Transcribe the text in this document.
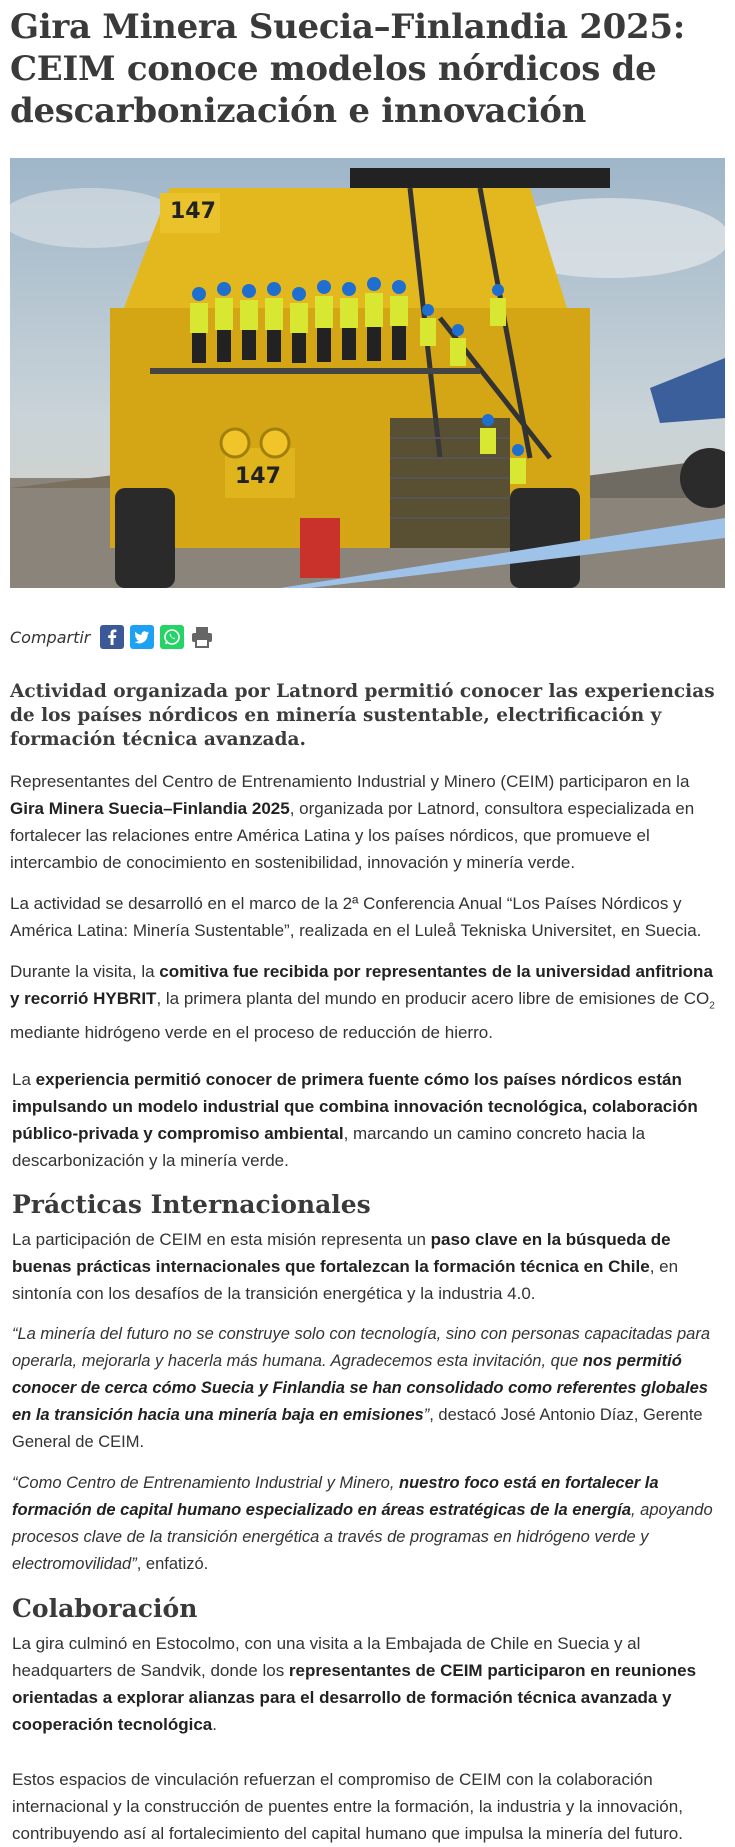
Gira Minera Suecia–Finlandia 2025: CEIM conoce modelos nórdicos de descarbonización e innovación
147
147
Compartir
Actividad organizada por Latnord permitió conocer las experiencias de los países nórdicos en minería sustentable, electrificación y formación técnica avanzada.

Representantes del Centro de Entrenamiento Industrial y Minero (CEIM) participaron en la Gira Minera Suecia–Finlandia 2025, organizada por Latnord, consultora especializada en fortalecer las relaciones entre América Latina y los países nórdicos, que promueve el intercambio de conocimiento en sostenibilidad, innovación y minería verde.

La actividad se desarrolló en el marco de la 2ª Conferencia Anual “Los Países Nórdicos y América Latina: Minería Sustentable”, realizada en el Luleå Tekniska Universitet, en Suecia.

Durante la visita, la comitiva fue recibida por representantes de la universidad anfitriona y recorrió HYBRIT, la primera planta del mundo en producir acero libre de emisiones de $CO_2$ mediante hidrógeno verde en el proceso de reducción de hierro.

La experiencia permitió conocer de primera fuente cómo los países nórdicos están impulsando un modelo industrial que combina innovación tecnológica, colaboración público-privada y compromiso ambiental, marcando un camino concreto hacia la descarbonización y la minería verde.

Prácticas Internacionales

La participación de CEIM en esta misión representa un paso clave en la búsqueda de buenas prácticas internacionales que fortalezcan la formación técnica en Chile, en sintonía con los desafíos de la transición energética y la industria 4.0.

“La minería del futuro no se construye solo con tecnología, sino con personas capacitadas para operarla, mejorarla y hacerla más humana. Agradecemos esta invitación, que nos permitió conocer de cerca cómo Suecia y Finlandia se han consolidado como referentes globales en la transición hacia una minería baja en emisiones”, destacó José Antonio Díaz, Gerente General de CEIM.

“Como Centro de Entrenamiento Industrial y Minero, nuestro foco está en fortalecer la formación de capital humano especializado en áreas estratégicas de la energía, apoyando procesos clave de la transición energética a través de programas en hidrógeno verde y electromovilidad”, enfatizó.

Colaboración

La gira culminó en Estocolmo, con una visita a la Embajada de Chile en Suecia y al headquarters de Sandvik, donde los representantes de CEIM participaron en reuniones orientadas a explorar alianzas para el desarrollo de formación técnica avanzada y cooperación tecnológica.

Estos espacios de vinculación refuerzan el compromiso de CEIM con la colaboración internacional y la construcción de puentes entre la formación, la industria y la innovación, contribuyendo así al fortalecimiento del capital humano que impulsa la minería del futuro.
